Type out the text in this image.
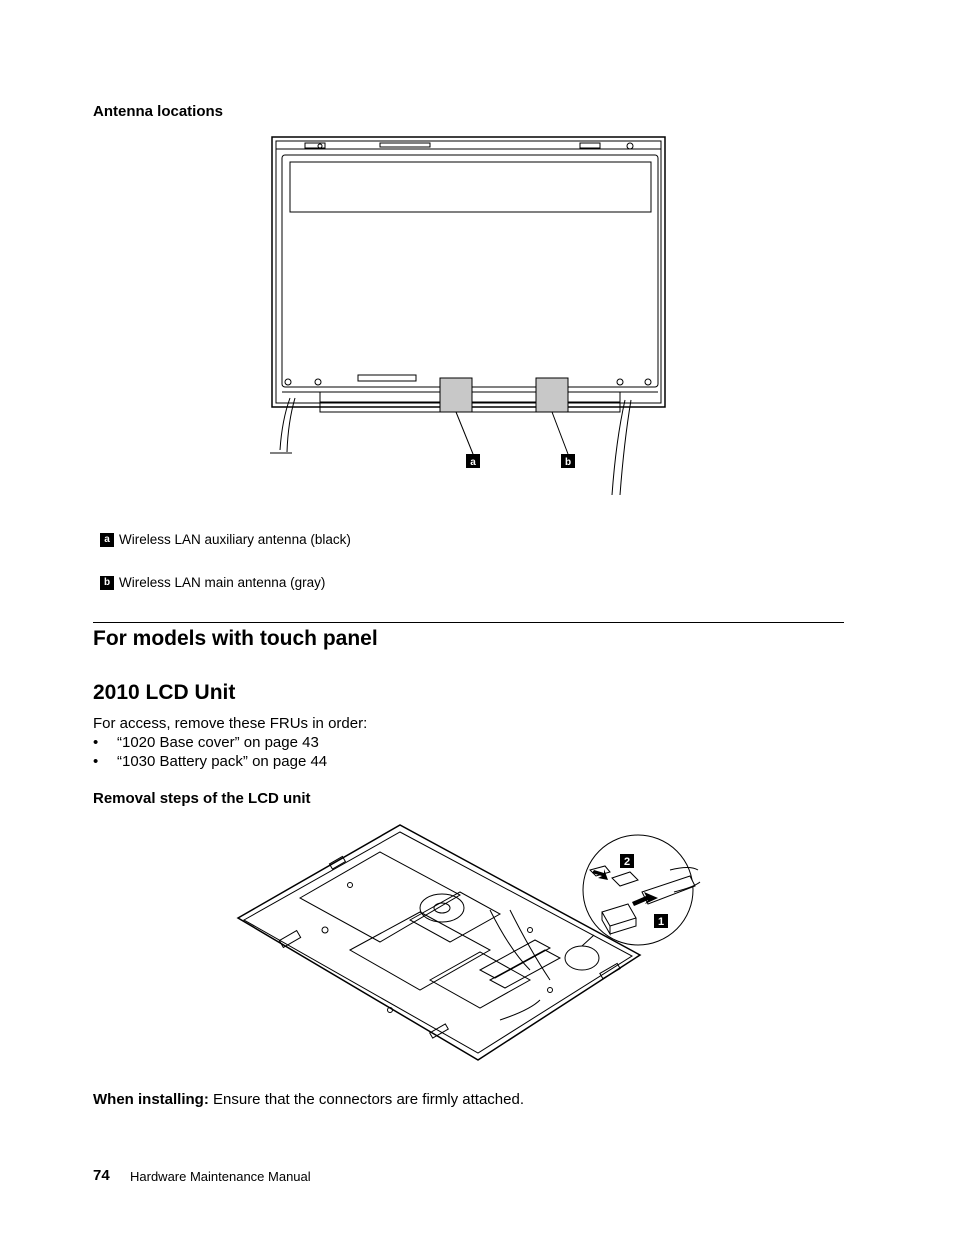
Antenna locations
a	b
a Wireless LAN auxiliary antenna (black)
b Wireless LAN main antenna (gray)
For models with touch panel
2010 LCD Unit
For access, remove these FRUs in order:
• “1020 Base cover” on page 43
• “1030 Battery pack” on page 44
Removal steps of the LCD unit
2
1
When installing: Ensure that the connectors are firmly attached.
74 Hardware Maintenance Manual
